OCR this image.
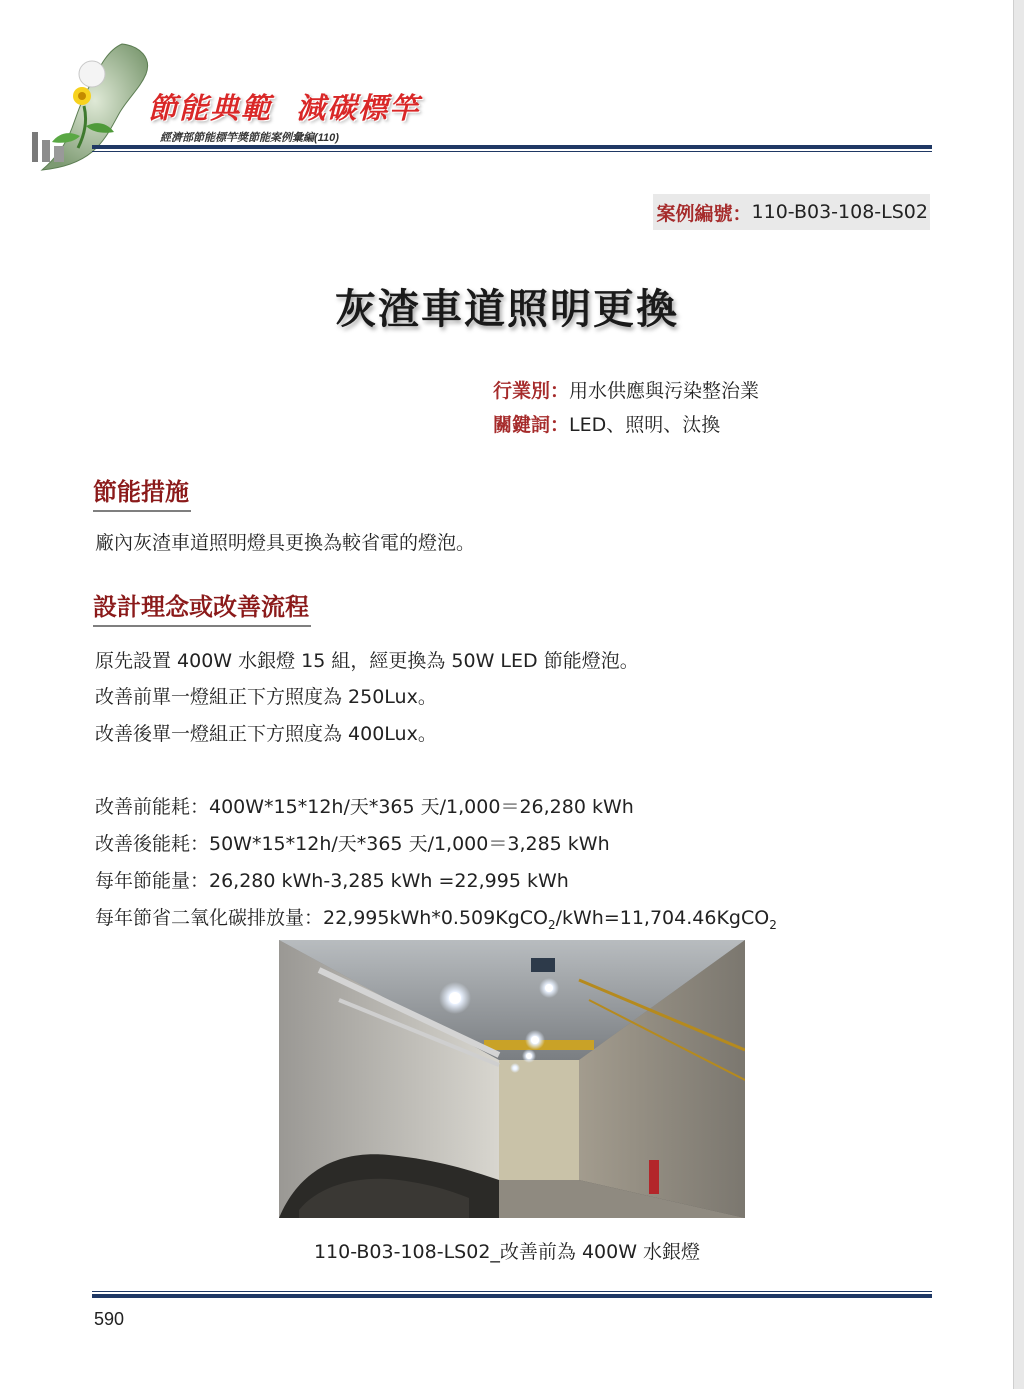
節能典範  減碳標竿
經濟部節能標竿獎節能案例彙編(110)
案例編號： 110-B03-108-LS02
灰渣車道照明更換
行業別：用水供應與污染整治業
關鍵詞：LED、照明、汰換
節能措施
廠內灰渣車道照明燈具更換為較省電的燈泡。
設計理念或改善流程
原先設置 400W 水銀燈 15 組，經更換為 50W LED 節能燈泡。
改善前單一燈組正下方照度為 250Lux。
改善後單一燈組正下方照度為 400Lux。
改善前能耗：400W*15*12h/天*365 天/1,000＝26,280 kWh
改善後能耗：50W*15*12h/天*365 天/1,000＝3,285 kWh
每年節能量：26,280 kWh-3,285 kWh =22,995 kWh
每年節省二氧化碳排放量：22,995kWh*0.509KgCO$_2$/kWh=11,704.46KgCO$_2$
110-B03-108-LS02_改善前為 400W 水銀燈
590
